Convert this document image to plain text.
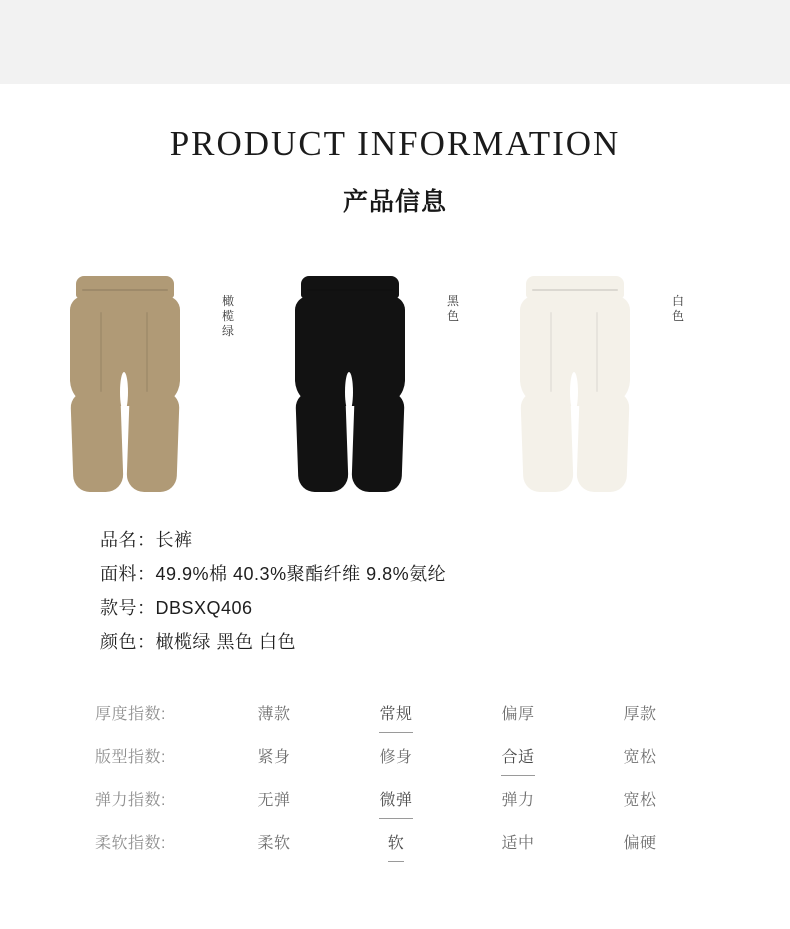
PRODUCT INFORMATION
产品信息
橄榄绿
黑色
白色
品名：长裤
面料：49.9%棉 40.3%聚酯纤维 9.8%氨纶
款号：DBSXQ406
颜色：橄榄绿 黑色 白色
厚度指数:	薄款	常规	偏厚	厚款
版型指数:	紧身	修身	合适	宽松
弹力指数:	无弹	微弹	弹力	宽松
柔软指数:	柔软	软	适中	偏硬
